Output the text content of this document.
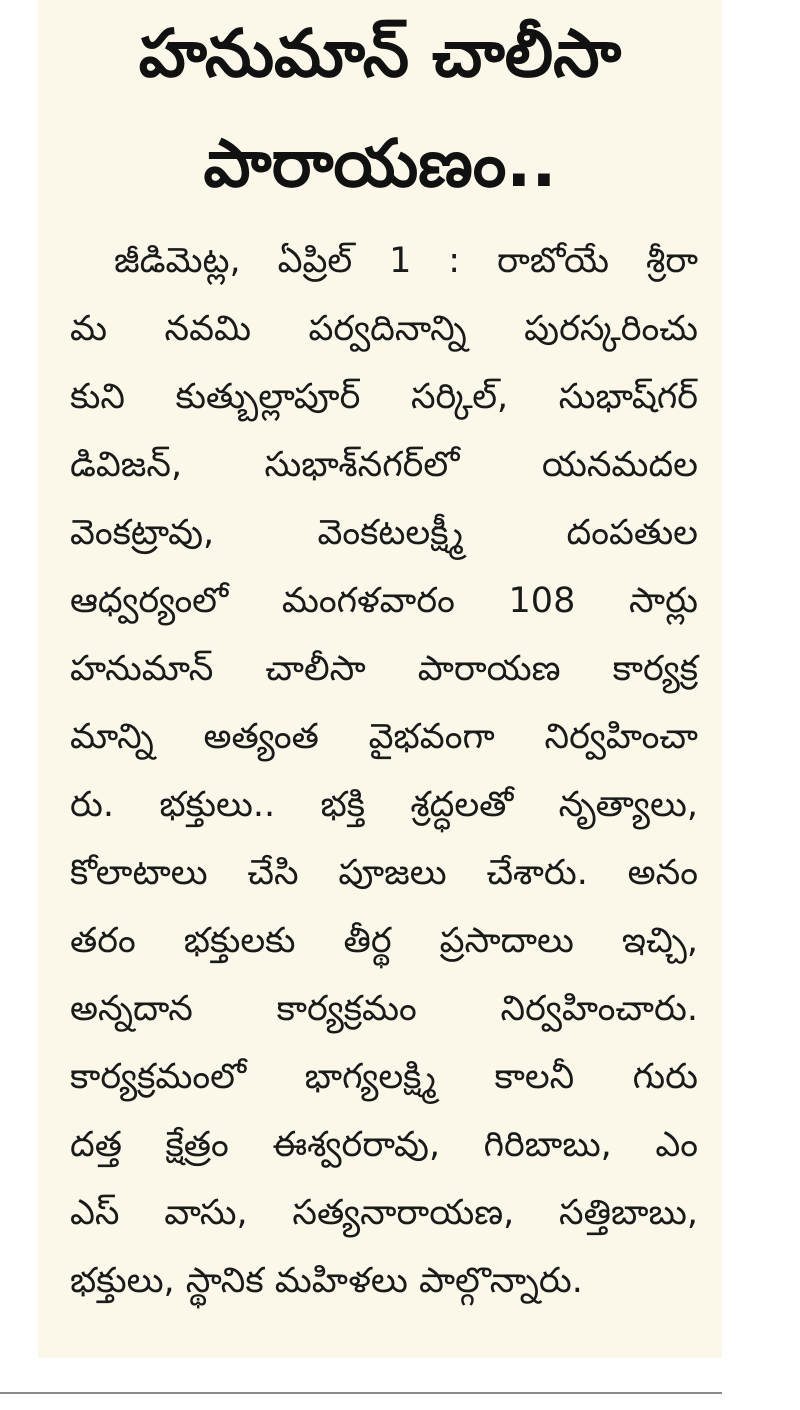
హనుమాన్ చాలీసా
పారాయణం..
జీడిమెట్ల, ఏప్రిల్ 1 : రాబోయే శ్రీరా
మ నవమి పర్వదినాన్ని పురస్కరించు
కుని కుత్బుల్లాపూర్ సర్కిల్, సుభాష్‌గర్
డివిజన్, సుభాశ్‌నగర్‌లో యనమదల
వెంకట్రావు, వెంకటలక్ష్మీ దంపతుల
ఆధ్వర్యంలో మంగళవారం 108 సార్లు
హనుమాన్ చాలీసా పారాయణ కార్యక్ర
మాన్ని అత్యంత వైభవంగా నిర్వహించా
రు. భక్తులు.. భక్తి శ్రద్ధలతో నృత్యాలు,
కోలాటాలు చేసి పూజలు చేశారు. అనం
తరం భక్తులకు తీర్థ ప్రసాదాలు ఇచ్చి,
అన్నదాన కార్యక్రమం నిర్వహించారు.
కార్యక్రమంలో భాగ్యలక్ష్మి కాలనీ గురు
దత్త క్షేత్రం ఈశ్వరరావు, గిరిబాబు, ఎం
ఎస్ వాసు, సత్యనారాయణ, సత్తిబాబు,
భక్తులు, స్థానిక మహిళలు పాల్గొన్నారు.
